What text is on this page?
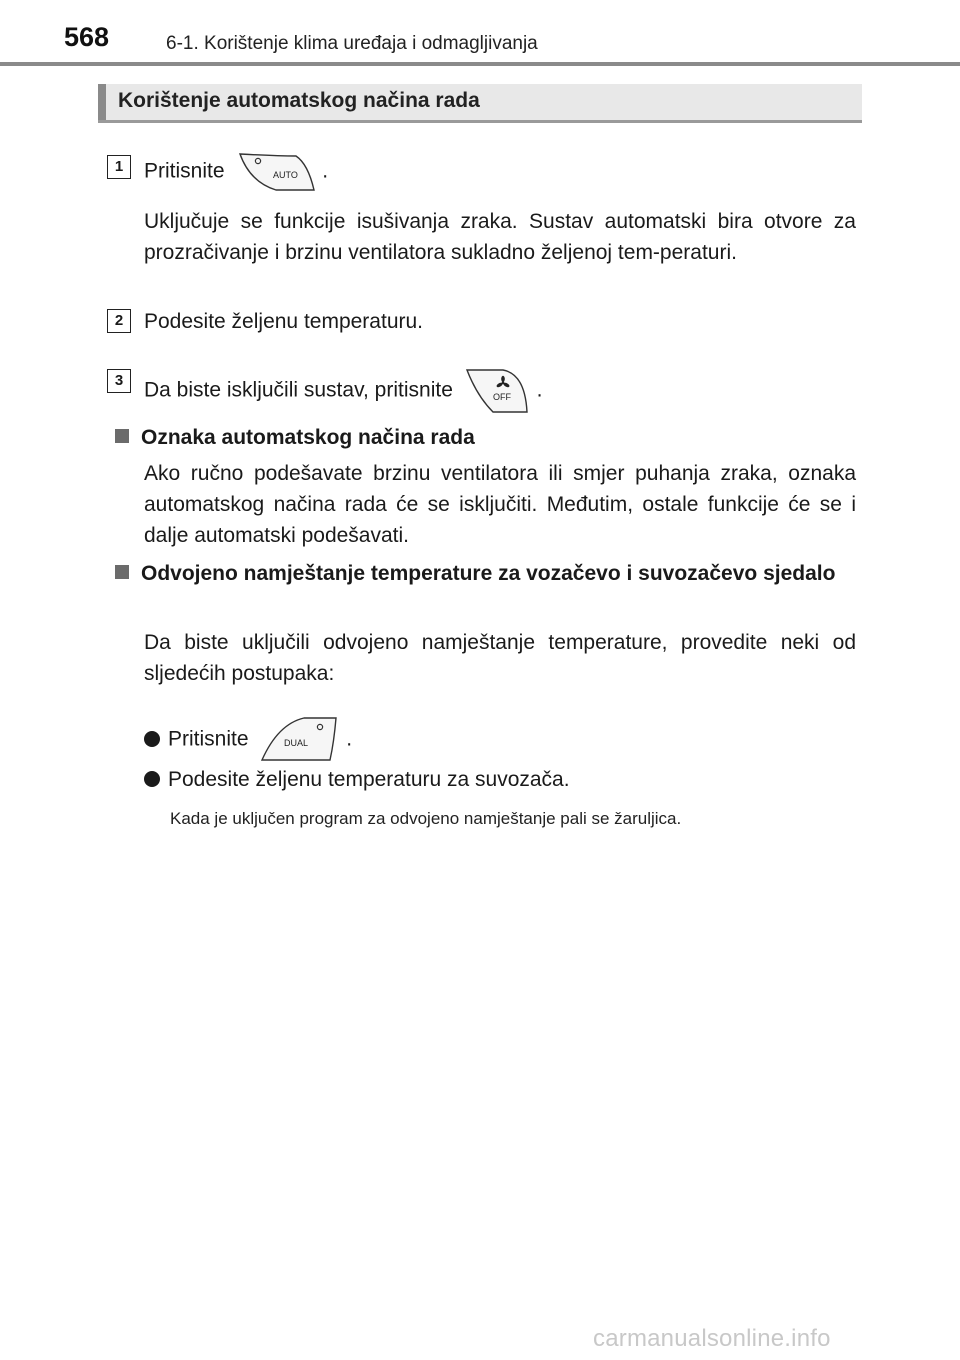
568	6-1. Korištenje klima uređaja i odmagljivanja
Korištenje automatskog načina rada
1 Pritisnite	AUTO .
Uključuje se funkcije isušivanja zraka. Sustav automatski bira otvore za prozračivanje i brzinu ventilatora sukladno željenoj tem-peraturi.
2 Podesite željenu temperaturu.
3 Da biste isključili sustav, pritisnite	OFF .
Oznaka automatskog načina rada
Ako ručno podešavate brzinu ventilatora ili smjer puhanja zraka, oznaka automatskog načina rada će se isključiti. Međutim, ostale funkcije će se i dalje automatski podešavati.
Odvojeno namještanje temperature za vozačevo i suvozačevo sjedalo
Da biste uključili odvojeno namještanje temperature, provedite neki od sljedećih postupaka:
Pritisnite	DUAL .
Podesite željenu temperaturu za suvozača.
Kada je uključen program za odvojeno namještanje pali se žaruljica.
carmanualsonline.info
